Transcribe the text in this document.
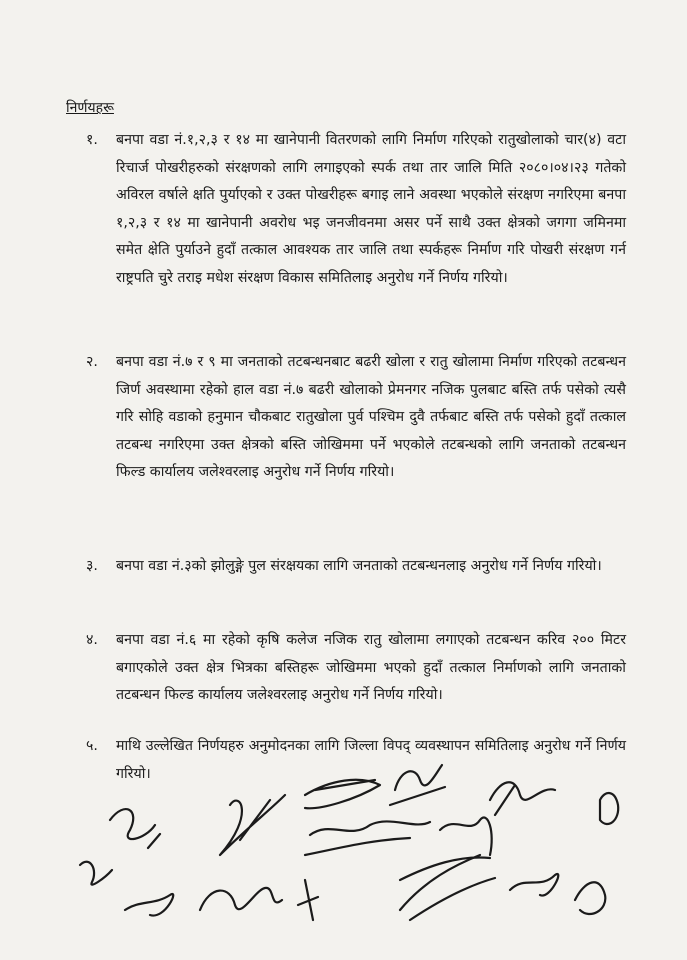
निर्णयहरू
१.	बनपा वडा नं.१,२,३ र १४ मा खानेपानी वितरणको लागि निर्माण गरिएको रातुखोलाको चार(४) वटा रिचार्ज पोखरीहरुको संरक्षणको लागि लगाइएको स्पर्क तथा तार जालि मिति २०८०।०४।२३ गतेको अविरल वर्षाले क्षति पुर्याएको र उक्त पोखरीहरू बगाइ लाने अवस्था भएकोले संरक्षण नगरिएमा बनपा १,२,३ र १४ मा खानेपानी अवरोध भइ जनजीवनमा असर पर्ने साथै उक्त क्षेत्रको जगगा जमिनमा समेत क्षेति पुर्याउने हुदाँ तत्काल आवश्यक तार जालि तथा स्पर्कहरू निर्माण गरि पोखरी संरक्षण गर्न राष्ट्रपति चुरे तराइ मधेश संरक्षण विकास समितिलाइ अनुरोध गर्ने निर्णय गरियो।
२.	बनपा वडा नं.७ र ९ मा जनताको तटबन्धनबाट बढरी खोला र रातु खोलामा निर्माण गरिएको तटबन्धन जिर्ण अवस्थामा रहेको हाल वडा नं.७ बढरी खोलाको प्रेमनगर नजिक पुलबाट बस्ति तर्फ पसेको त्यसै गरि सोहि वडाको हनुमान चौकबाट रातुखोला पुर्व पश्चिम दुवै तर्फबाट बस्ति तर्फ पसेको हुदाँ तत्काल तटबन्ध नगरिएमा उक्त क्षेत्रको बस्ति जोखिममा पर्ने भएकोले तटबन्धको लागि जनताको तटबन्धन फिल्ड कार्यालय जलेश्वरलाइ अनुरोध गर्ने निर्णय गरियो।
३.	बनपा वडा नं.३को झोलुङ्गे पुल संरक्षयका लागि जनताको तटबन्धनलाइ अनुरोध गर्ने निर्णय गरियो।
४.	बनपा वडा नं.६ मा रहेको कृषि कलेज नजिक रातु खोलामा लगाएको तटबन्धन करिव २०० मिटर बगाएकोले उक्त क्षेत्र भित्रका बस्तिहरू जोखिममा भएको हुदाँ तत्काल निर्माणको लागि जनताको तटबन्धन फिल्ड कार्यालय जलेश्वरलाइ अनुरोध गर्ने निर्णय गरियो।
५.	माथि उल्लेखित निर्णयहरु अनुमोदनका लागि जिल्ला विपद् व्यवस्थापन समितिलाइ अनुरोध गर्ने निर्णय गरियो।
